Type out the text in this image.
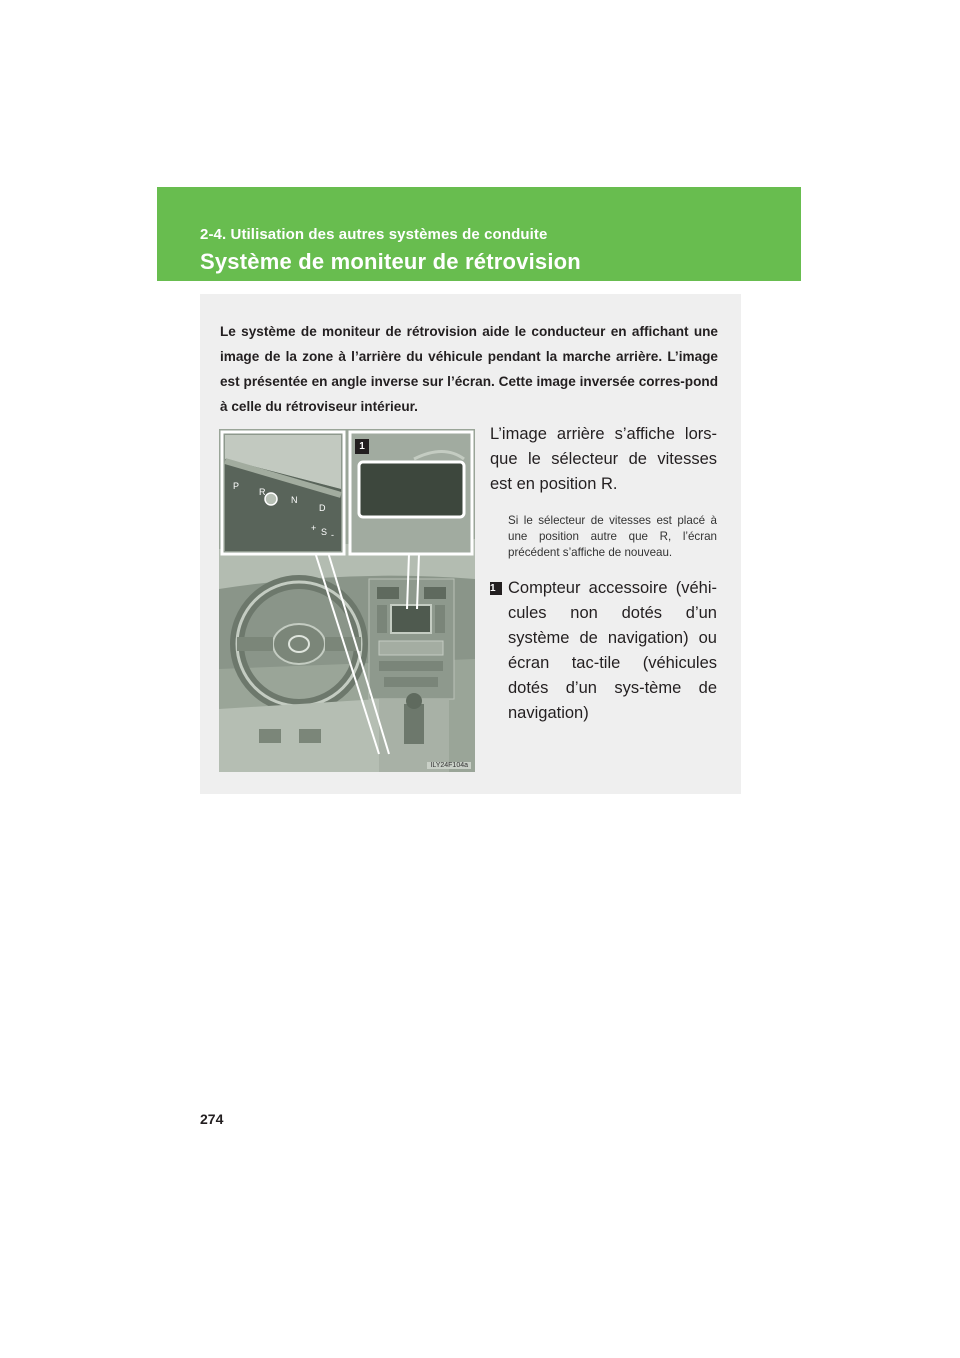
2-4. Utilisation des autres systèmes de conduite
Système de moniteur de rétrovision

Le système de moniteur de rétrovision aide le conducteur en affichant une image de la zone à l’arrière du véhicule pendant la marche arrière. L’image est présentée en angle inverse sur l’écran. Cette image inversée corres-pond à celle du rétroviseur intérieur.

1
P
R
N
D
+ S -
ILY24F104a

L’image arrière s’affiche lors-que le sélecteur de vitesses est en position R.

Si le sélecteur de vitesses est placé à une position autre que R, l’écran précédent s’affiche de nouveau.

1 Compteur accessoire (véhi-cules non dotés d’un système de navigation) ou écran tac-tile (véhicules dotés d’un sys-tème de navigation)
274
